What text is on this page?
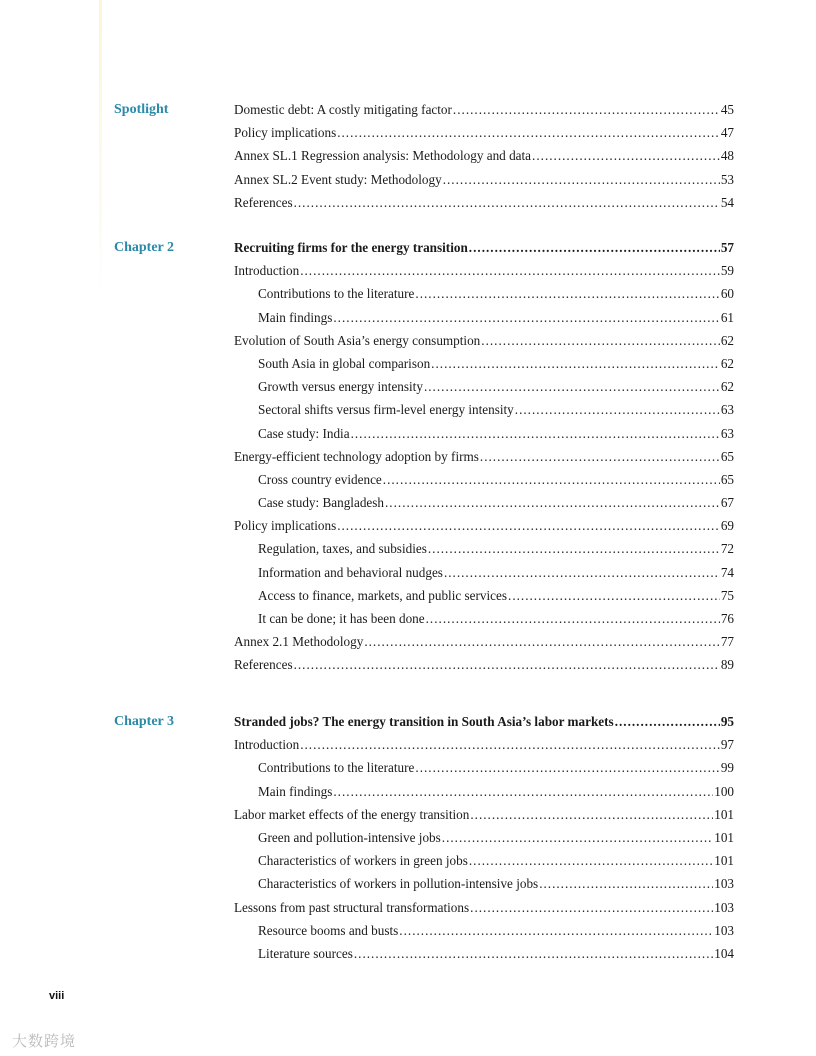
Spotlight	Domestic debt: A costly mitigating factor .....	45
Policy implications .....	47
Annex SL.1 Regression analysis: Methodology and data .....	48
Annex SL.2 Event study: Methodology .....	53
References .....	54
Chapter 2	Recruiting firms for the energy transition .....	57
Introduction .....	59
Contributions to the literature .....	60
Main findings .....	61
Evolution of South Asia’s energy consumption .....	62
South Asia in global comparison .....	62
Growth versus energy intensity .....	62
Sectoral shifts versus firm-level energy intensity .....	63
Case study: India .....	63
Energy-efficient technology adoption by firms .....	65
Cross country evidence .....	65
Case study: Bangladesh .....	67
Policy implications .....	69
Regulation, taxes, and subsidies .....	72
Information and behavioral nudges .....	74
Access to finance, markets, and public services .....	75
It can be done; it has been done .....	76
Annex 2.1 Methodology .....	77
References .....	89
Chapter 3	Stranded jobs? The energy transition in South Asia’s labor markets .....	95
Introduction .....	97
Contributions to the literature .....	99
Main findings .....	100
Labor market effects of the energy transition .....	101
Green and pollution-intensive jobs .....	101
Characteristics of workers in green jobs .....	101
Characteristics of workers in pollution-intensive jobs .....	103
Lessons from past structural transformations .....	103
Resource booms and busts .....	103
Literature sources .....	104
viii
大数跨境
